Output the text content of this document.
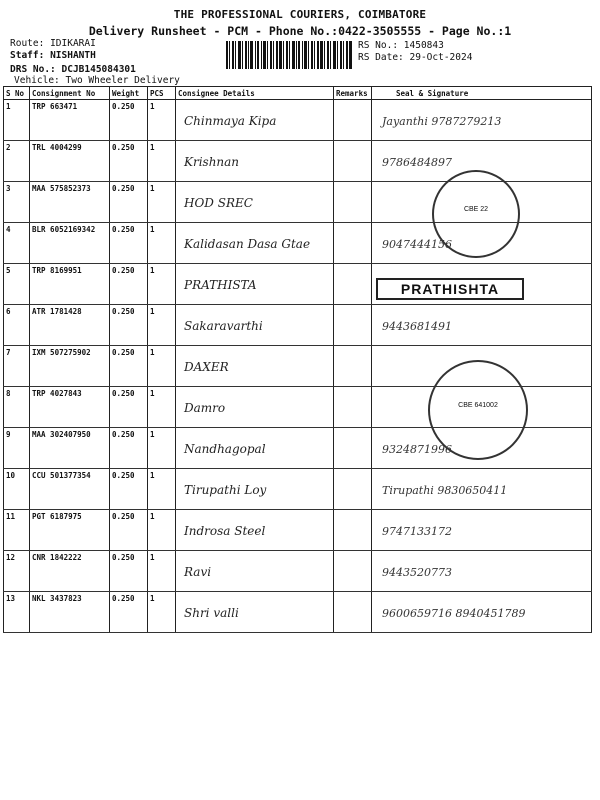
THE PROFESSIONAL COURIERS, COIMBATORE
Delivery Runsheet - PCM - Phone No.:0422-3505555 - Page No.:1
Route: IDIKARAI
Staff: NISHANTH
DRS No.: DCJB145084301
Vehicle: Two Wheeler Delivery
RS No.: 1450843
RS Date: 29-Oct-2024
S No	Consignment No	Weight	PCS	Consignee Details	Remarks	Seal & Signature
1	TRP 663471	0.250	1	Chinmaya Kipa		Jayanthi 9787279213
2	TRL 4004299	0.250	1	Krishnan		9786484897
3	MAA 575852373	0.250	1	HOD SREC		
4	BLR 6052169342	0.250	1	Kalidasan Dasa Gtae		9047444156
5	TRP 8169951	0.250	1	PRATHISTA		
6	ATR 1781428	0.250	1	Sakaravarthi		9443681491
7	IXM 507275902	0.250	1	DAXER		
8	TRP 4027843	0.250	1	Damro		
9	MAA 302407950	0.250	1	Nandhagopal		9324871996
10	CCU 501377354	0.250	1	Tirupathi Loy		Tirupathi 9830650411
11	PGT 6187975	0.250	1	Indrosa Steel		9747133172
12	CNR 1842222	0.250	1	Ravi		9443520773
13	NKL 3437823	0.250	1	Shri valli		9600659716 8940451789
CBE 22
PRATHISHTA
CBE 641002
